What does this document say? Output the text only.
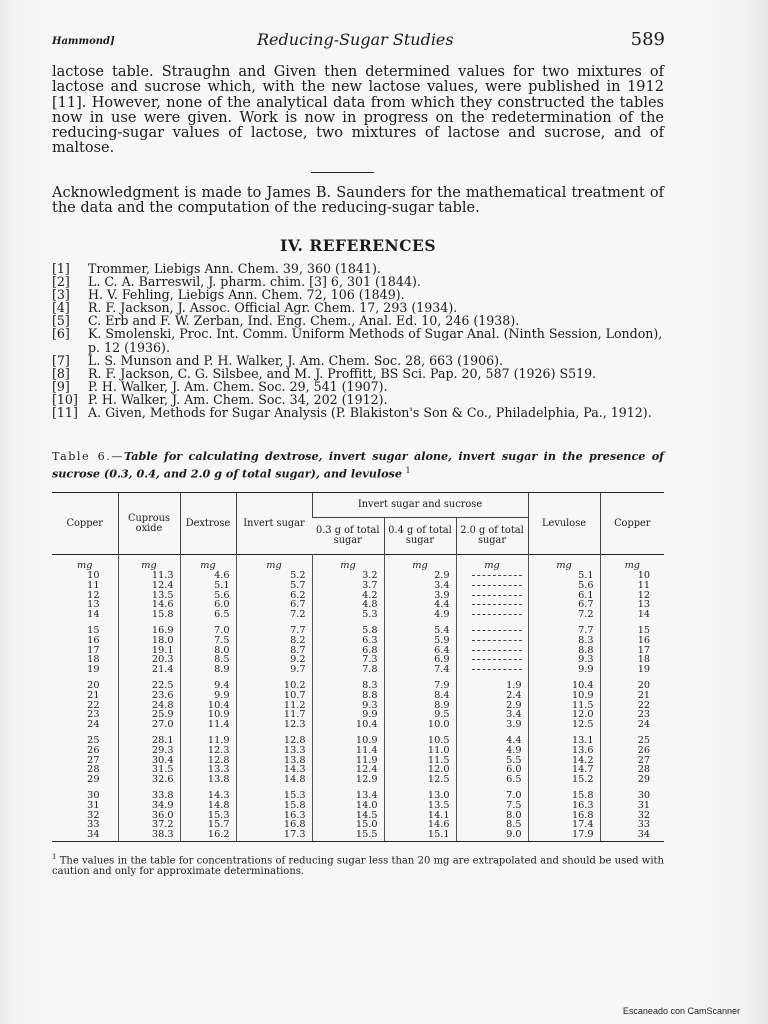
Hammond]	Reducing-Sugar Studies	589

lactose table. Straughn and Given then determined values for two mixtures of lactose and sucrose which, with the new lactose values, were published in 1912 [11]. However, none of the analytical data from which they constructed the tables now in use were given. Work is now in progress on the redetermination of the reducing-sugar values of lactose, two mixtures of lactose and sucrose, and of maltose.

Acknowledgment is made to James B. Saunders for the mathematical treatment of the data and the computation of the reducing-sugar table.

IV. REFERENCES
[1]	Trommer, Liebigs Ann. Chem. 39, 360 (1841).
[2]	L. C. A. Barreswil, J. pharm. chim. [3] 6, 301 (1844).
[3]	H. V. Fehling, Liebigs Ann. Chem. 72, 106 (1849).
[4]	R. F. Jackson, J. Assoc. Official Agr. Chem. 17, 293 (1934).
[5]	C. Erb and F. W. Zerban, Ind. Eng. Chem., Anal. Ed. 10, 246 (1938).
[6]	K. Smolenski, Proc. Int. Comm. Uniform Methods of Sugar Anal. (Ninth Session, London), p. 12 (1936).
[7]	L. S. Munson and P. H. Walker, J. Am. Chem. Soc. 28, 663 (1906).
[8]	R. F. Jackson, C. G. Silsbee, and M. J. Proffitt, BS Sci. Pap. 20, 587 (1926) S519.
[9]	P. H. Walker, J. Am. Chem. Soc. 29, 541 (1907).
[10] P. H. Walker, J. Am. Chem. Soc. 34, 202 (1912).
[11] A. Given, Methods for Sugar Analysis (P. Blakiston's Son & Co., Philadelphia, Pa., 1912).
Table 6.—Table for calculating dextrose, invert sugar alone, invert sugar in the presence of sucrose (0.3, 0.4, and 2.0 g of total sugar), and levulose $^1$
Copper	Cuprous oxide	Dextrose	Invert sugar	Invert sugar and sucrose			Levulose	Copper
				0.3 g of total sugar	0.4 g of total sugar	2.0 g of total sugar		
mg	mg	mg	mg	mg	mg	mg	mg	mg
10	11.3	4.6	5.2	3.2	2.9		5.1	10
11	12.4	5.1	5.7	3.7	3.4		5.6	11
12	13.5	5.6	6.2	4.2	3.9		6.1	12
13	14.6	6.0	6.7	4.8	4.4		6.7	13
14	15.8	6.5	7.2	5.3	4.9		7.2	14

15	16.9	7.0	7.7	5.8	5.4		7.7	15
16	18.0	7.5	8.2	6.3	5.9		8.3	16
17	19.1	8.0	8.7	6.8	6.4		8.8	17
18	20.3	8.5	9.2	7.3	6.9		9.3	18
19	21.4	8.9	9.7	7.8	7.4		9.9	19

20	22.5	9.4	10.2	8.3	7.9	1.9	10.4	20
21	23.6	9.9	10.7	8.8	8.4	2.4	10.9	21
22	24.8	10.4	11.2	9.3	8.9	2.9	11.5	22
23	25.9	10.9	11.7	9.9	9.5	3.4	12.0	23
24	27.0	11.4	12.3	10.4	10.0	3.9	12.5	24

25	28.1	11.9	12.8	10.9	10.5	4.4	13.1	25
26	29.3	12.3	13.3	11.4	11.0	4.9	13.6	26
27	30.4	12.8	13.8	11.9	11.5	5.5	14.2	27
28	31.5	13.3	14.3	12.4	12.0	6.0	14.7	28
29	32.6	13.8	14.8	12.9	12.5	6.5	15.2	29

30	33.8	14.3	15.3	13.4	13.0	7.0	15.8	30
31	34.9	14.8	15.8	14.0	13.5	7.5	16.3	31
32	36.0	15.3	16.3	14.5	14.1	8.0	16.8	32
33	37.2	15.7	16.8	15.0	14.6	8.5	17.4	33
34	38.3	16.2	17.3	15.5	15.1	9.0	17.9	34
$^1$ The values in the table for concentrations of reducing sugar less than 20 mg are extrapolated and should be used with caution and only for approximate determinations.
Escaneado con CamScanner
